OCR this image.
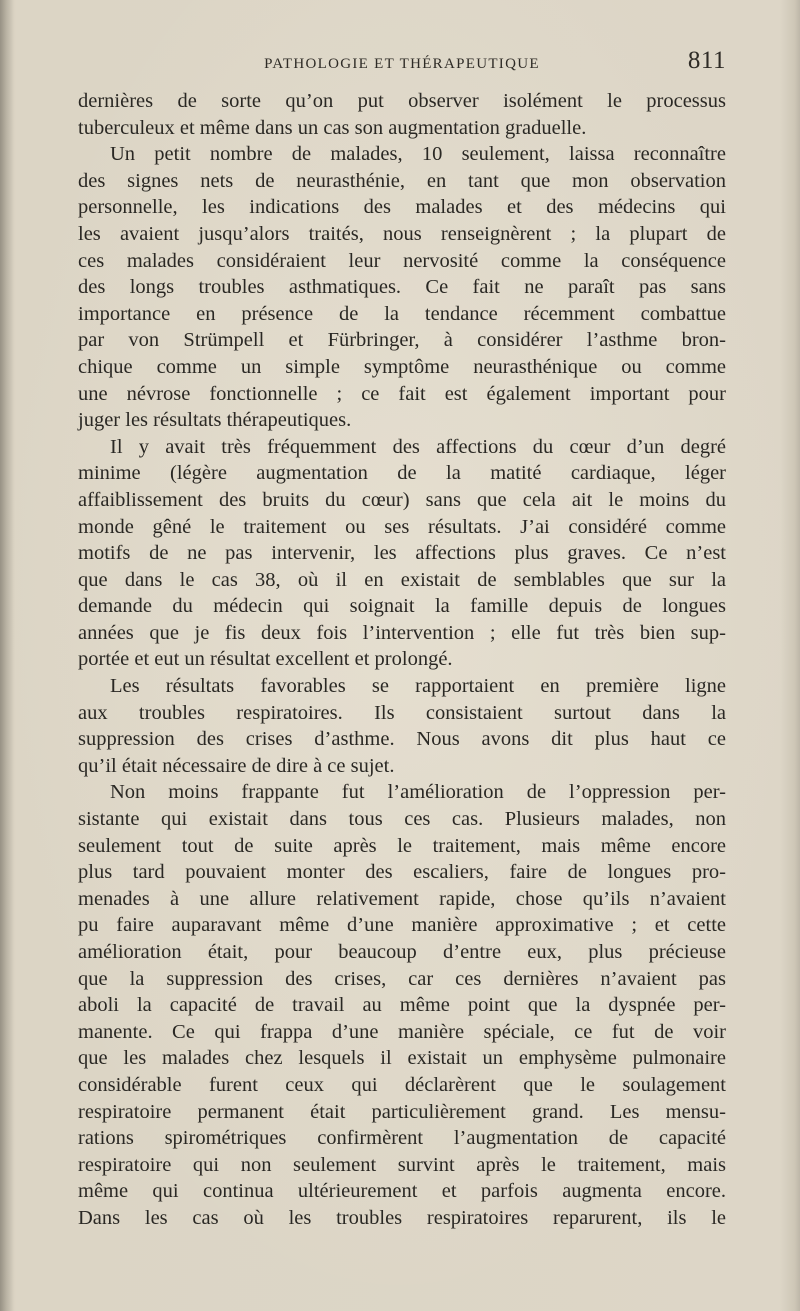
PATHOLOGIE ET THÉRAPEUTIQUE	811
dernières de sorte qu’on put observer isolément le processus
tuberculeux et même dans un cas son augmentation graduelle.
Un petit nombre de malades, 10 seulement, laissa reconnaître
des signes nets de neurasthénie, en tant que mon observation
personnelle, les indications des malades et des médecins qui
les avaient jusqu’alors traités, nous renseignèrent ; la plupart de
ces malades considéraient leur nervosité comme la conséquence
des longs troubles asthmatiques. Ce fait ne paraît pas sans
importance en présence de la tendance récemment combattue
par von Strümpell et Fürbringer, à considérer l’asthme bron-
chique comme un simple symptôme neurasthénique ou comme
une névrose fonctionnelle ; ce fait est également important pour
juger les résultats thérapeutiques.
Il y avait très fréquemment des affections du cœur d’un degré
minime (légère augmentation de la matité cardiaque, léger
affaiblissement des bruits du cœur) sans que cela ait le moins du
monde gêné le traitement ou ses résultats. J’ai considéré comme
motifs de ne pas intervenir, les affections plus graves. Ce n’est
que dans le cas 38, où il en existait de semblables que sur la
demande du médecin qui soignait la famille depuis de longues
années que je fis deux fois l’intervention ; elle fut très bien sup-
portée et eut un résultat excellent et prolongé.
Les résultats favorables se rapportaient en première ligne
aux troubles respiratoires. Ils consistaient surtout dans la
suppression des crises d’asthme. Nous avons dit plus haut ce
qu’il était nécessaire de dire à ce sujet.
Non moins frappante fut l’amélioration de l’oppression per-
sistante qui existait dans tous ces cas. Plusieurs malades, non
seulement tout de suite après le traitement, mais même encore
plus tard pouvaient monter des escaliers, faire de longues pro-
menades à une allure relativement rapide, chose qu’ils n’avaient
pu faire auparavant même d’une manière approximative ; et cette
amélioration était, pour beaucoup d’entre eux, plus précieuse
que la suppression des crises, car ces dernières n’avaient pas
aboli la capacité de travail au même point que la dyspnée per-
manente. Ce qui frappa d’une manière spéciale, ce fut de voir
que les malades chez lesquels il existait un emphysème pulmonaire
considérable furent ceux qui déclarèrent que le soulagement
respiratoire permanent était particulièrement grand. Les mensu-
rations spirométriques confirmèrent l’augmentation de capacité
respiratoire qui non seulement survint après le traitement, mais
même qui continua ultérieurement et parfois augmenta encore.
Dans les cas où les troubles respiratoires reparurent, ils le
